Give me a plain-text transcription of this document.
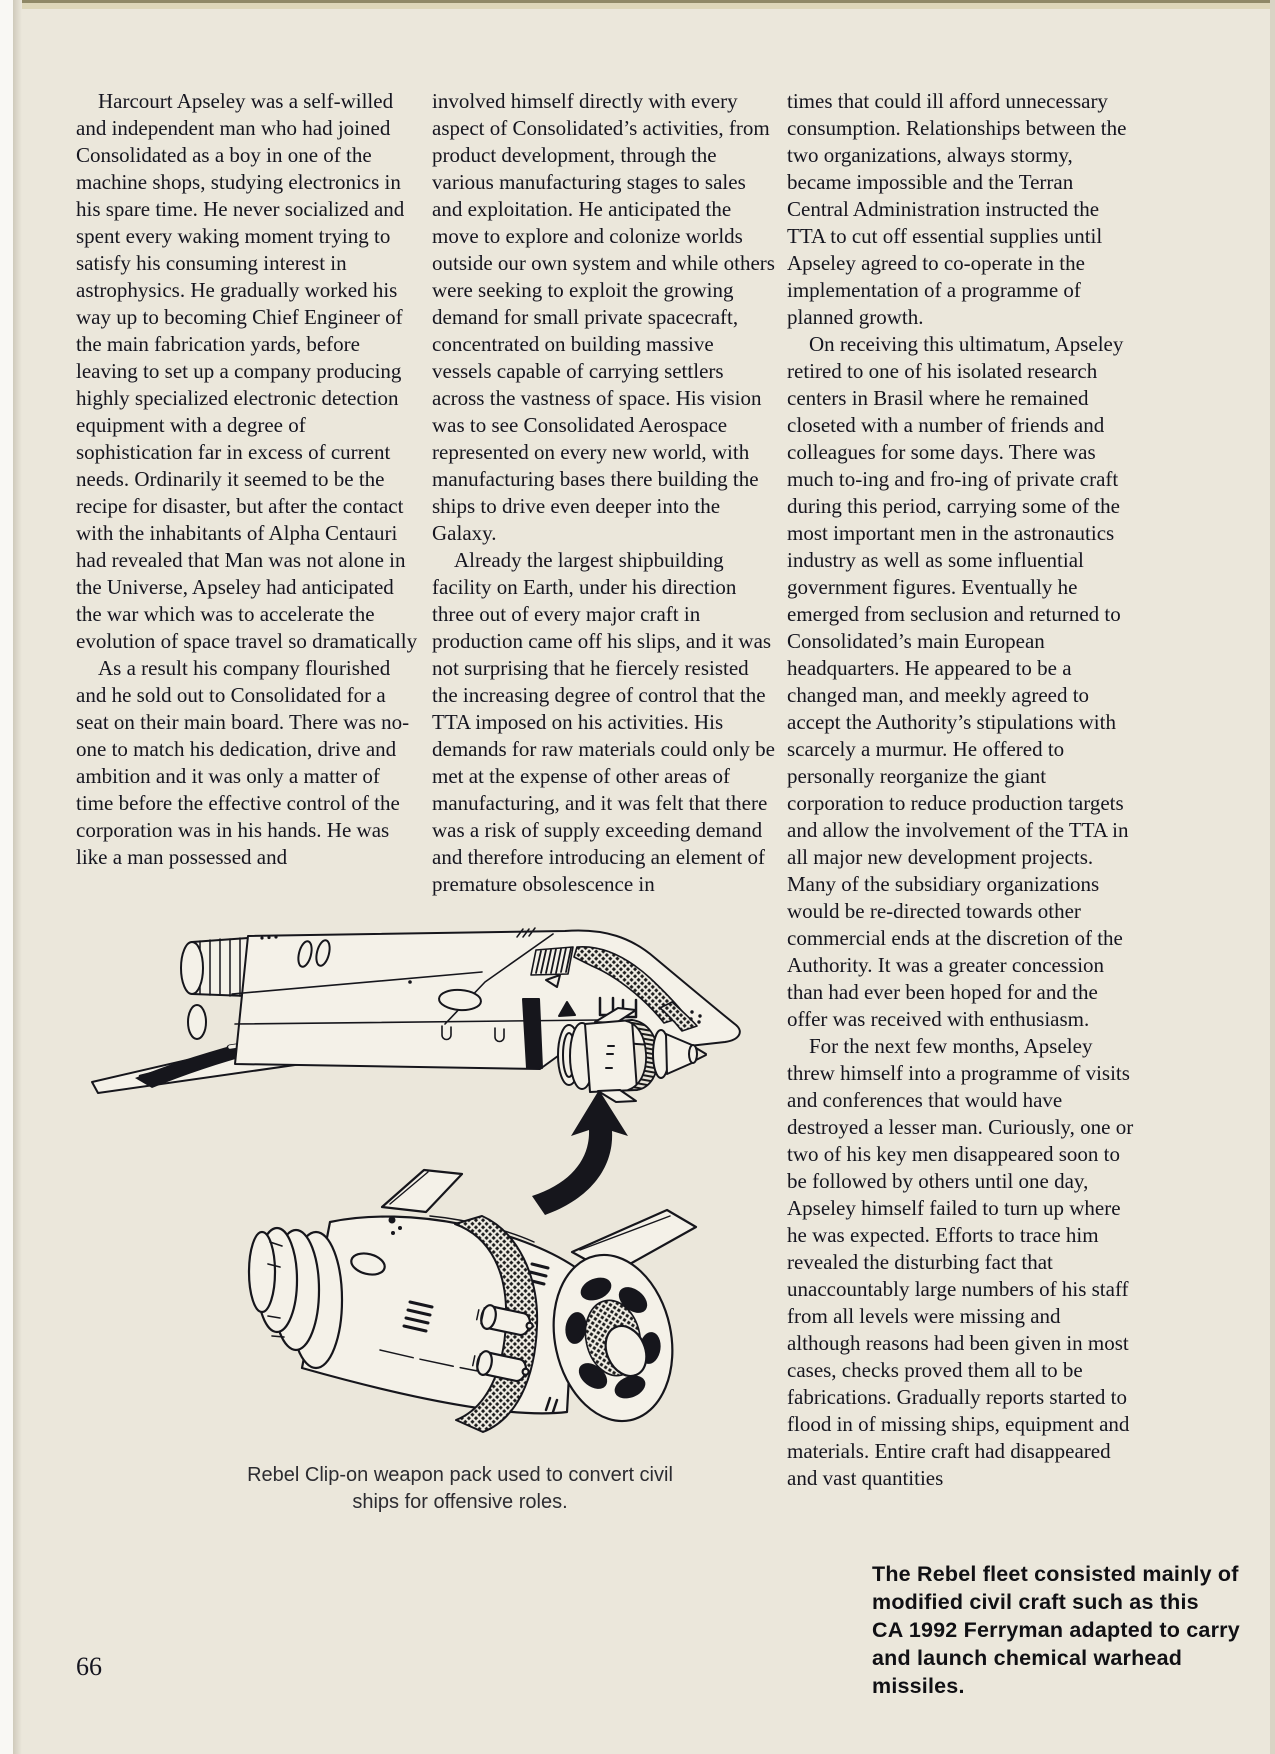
Harcourt Apseley was a self-willed and independent man who had joined Consolidated as a boy in one of the machine shops, studying electronics in his spare time. He never socialized and spent every waking moment trying to satisfy his consuming interest in astrophysics. He gradually worked his way up to becoming Chief Engineer of the main fabrication yards, before leaving to set up a company producing highly specialized electronic detection equipment with a degree of sophistication far in excess of current needs. Ordinarily it seemed to be the recipe for disaster, but after the contact with the inhabitants of Alpha Centauri had revealed that Man was not alone in the Universe, Apseley had anticipated the war which was to accelerate the evolution of space travel so dramatically

As a result his company flourished and he sold out to Consolidated for a seat on their main board. There was no-one to match his dedication, drive and ambition and it was only a matter of time before the effective control of the corporation was in his hands. He was like a man possessed and

involved himself directly with every aspect of Consolidated’s activities, from product development, through the various manufacturing stages to sales and exploitation. He anticipated the move to explore and colonize worlds outside our own system and while others were seeking to exploit the growing demand for small private spacecraft, concentrated on building massive vessels capable of carrying settlers across the vastness of space. His vision was to see Consolidated Aerospace represented on every new world, with manufacturing bases there building the ships to drive even deeper into the Galaxy.

Already the largest shipbuilding facility on Earth, under his direction three out of every major craft in production came off his slips, and it was not surprising that he fiercely resisted the increasing degree of control that the TTA imposed on his activities. His demands for raw materials could only be met at the expense of other areas of manufacturing, and it was felt that there was a risk of supply exceeding demand and therefore introducing an element of premature obsolescence in

times that could ill afford unnecessary consumption. Relationships between the two organizations, always stormy, became impossible and the Terran Central Administration instructed the TTA to cut off essential supplies until Apseley agreed to co-operate in the implementation of a programme of planned growth.

On receiving this ultimatum, Apseley retired to one of his isolated research centers in Brasil where he remained closeted with a number of friends and colleagues for some days. There was much to-ing and fro-ing of private craft during this period, carrying some of the most important men in the astronautics industry as well as some influential government figures. Eventually he emerged from seclusion and returned to Consolidated’s main European headquarters. He appeared to be a changed man, and meekly agreed to accept the Authority’s stipulations with scarcely a murmur. He offered to personally reorganize the giant corporation to reduce production targets and allow the involvement of the TTA in all major new development projects. Many of the subsidiary organizations would be re-directed towards other commercial ends at the discretion of the Authority. It was a greater concession than had ever been hoped for and the offer was received with enthusiasm.

For the next few months, Apseley threw himself into a programme of visits and conferences that would have destroyed a lesser man. Curiously, one or two of his key men disappeared soon to be followed by others until one day, Apseley himself failed to turn up where he was expected. Efforts to trace him revealed the disturbing fact that unaccountably large numbers of his staff from all levels were missing and although reasons had been given in most cases, checks proved them all to be fabrications. Gradually reports started to flood in of missing ships, equipment and materials. Entire craft had disappeared and vast quantities

Rebel Clip-on weapon pack used to convert civil
ships for offensive roles.
The Rebel fleet consisted mainly of
modified civil craft such as this
CA 1992 Ferryman adapted to carry
and launch chemical warhead missiles.
66
